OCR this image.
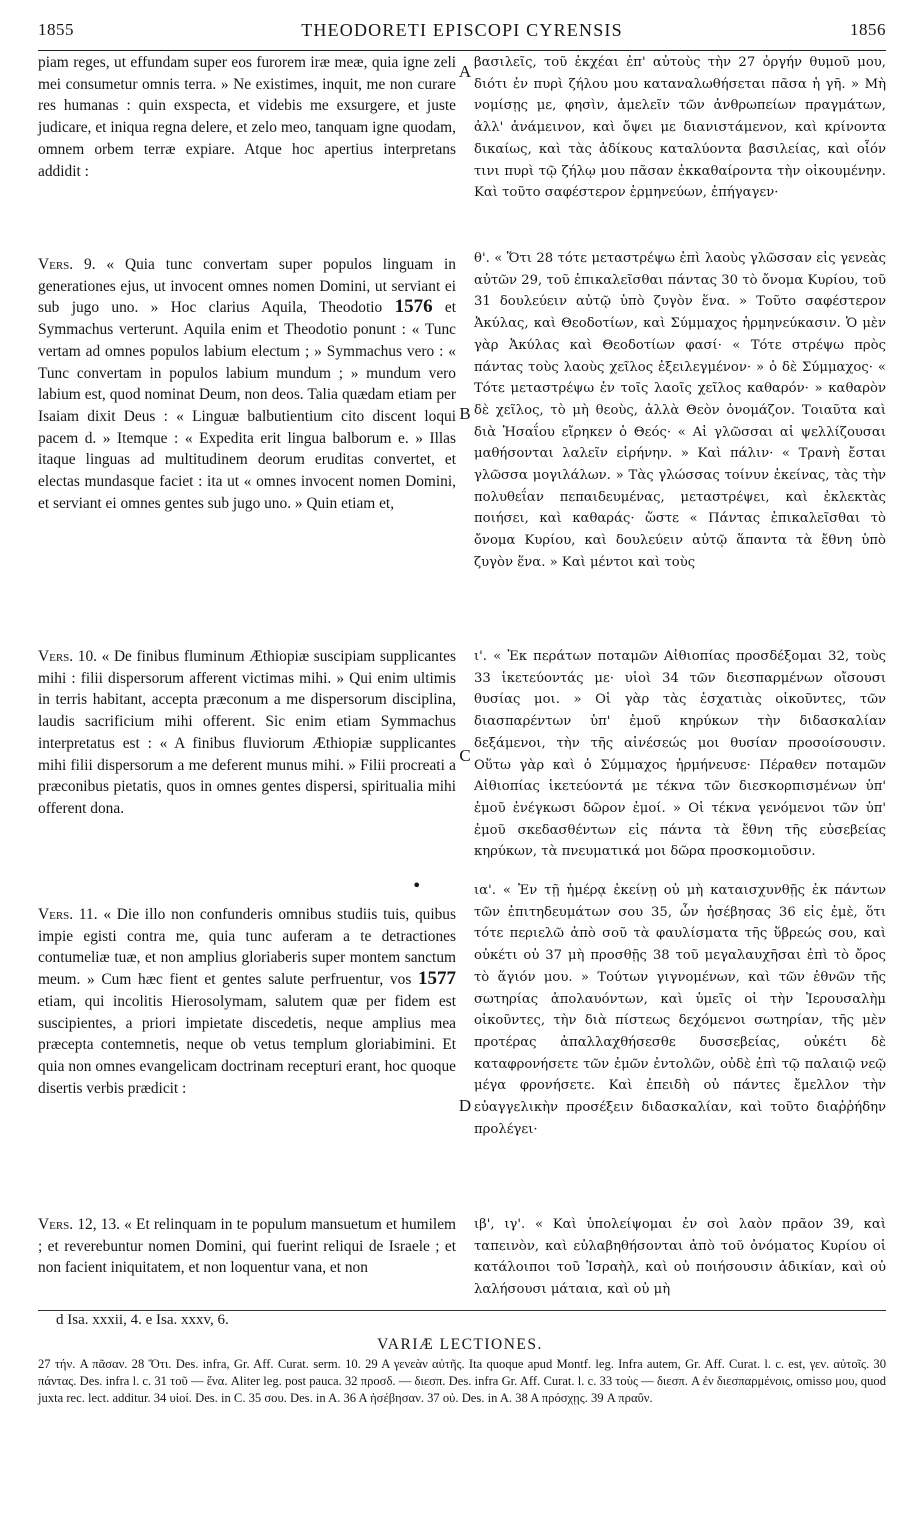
1855	THEODORETI EPISCOPI CYRENSIS	1856

piam reges, ut effundam super eos furorem iræ meæ, quia igne zeli mei consumetur omnis terra. » Ne existimes, inquit, me non curare res humanas : quin exspecta, et videbis me exsurgere, et juste judicare, et iniqua regna delere, et zelo meo, tanquam igne quodam, omnem orbem terræ expiare. Atque hoc apertius interpretans addidit :

Vers. 9. « Quia tunc convertam super populos linguam in generationes ejus, ut invocent omnes nomen Domini, ut serviant ei sub jugo uno. » Hoc clarius Aquila, Theodotio 1576 et Symmachus verterunt. Aquila enim et Theodotio ponunt : « Tunc vertam ad omnes populos labium electum ; » Symmachus vero : « Tunc convertam in populos labium mundum ; » mundum vero labium est, quod nominat Deum, non deos. Talia quædam etiam per Isaiam dixit Deus : « Linguæ balbutientium cito discent loqui pacem d. » Itemque : « Expedita erit lingua balborum e. » Illas itaque linguas ad multitudinem deorum eruditas convertet, et electas mundasque faciet : ita ut « omnes invocent nomen Domini, et serviant ei omnes gentes sub jugo uno. » Quin etiam et,

Vers. 10. « De finibus fluminum Æthiopiæ suscipiam supplicantes mihi : filii dispersorum afferent victimas mihi. » Qui enim ultimis in terris habitant, accepta præconum a me dispersorum disciplina, laudis sacrificium mihi offerent. Sic enim etiam Symmachus interpretatus est : « A finibus fluviorum Æthiopiæ supplicantes mihi filii dispersorum a me deferent munus mihi. » Filii procreati a præconibus pietatis, quos in omnes gentes dispersi, spiritualia mihi offerent dona.

Vers. 11. « Die illo non confunderis omnibus studiis tuis, quibus impie egisti contra me, quia tunc auferam a te detractiones contumeliæ tuæ, et non amplius gloriaberis super montem sanctum meum. » Cum hæc fient et gentes salute perfruentur, vos 1577 etiam, qui incolitis Hierosolymam, salutem quæ per fidem est suscipientes, a priori impietate discedetis, neque amplius mea præcepta contemnetis, neque ob vetus templum gloriabimini. Et quia non omnes evangelicam doctrinam recepturi erant, hoc quoque disertis verbis prædicit :

Vers. 12, 13. « Et relinquam in te populum mansuetum et humilem ; et reverebuntur nomen Domini, qui fuerint reliqui de Israele ; et non facient iniquitatem, et non loquentur vana, et non

A
B
C
D
•

βασιλεῖς, τοῦ ἐκχέαι ἐπ' αὐτοὺς τὴν 27 ὀργήν θυμοῦ μου, διότι ἐν πυρὶ ζήλου μου καταναλωθήσεται πᾶσα ἡ γῆ. » Μὴ νομίσῃς με, φησὶν, ἀμελεῖν τῶν ἀνθρωπείων πραγμάτων, ἀλλ' ἀνάμεινον, καὶ ὄψει με διανιστάμενον, καὶ κρίνοντα δικαίως, καὶ τὰς ἀδίκους καταλύοντα βασιλείας, καὶ οἷόν τινι πυρὶ τῷ ζήλῳ μου πᾶσαν ἐκκαθαίροντα τὴν οἰκουμένην. Καὶ τοῦτο σαφέστερον ἑρμηνεύων, ἐπήγαγεν·

θ'. « Ὅτι 28 τότε μεταστρέψω ἐπὶ λαοὺς γλῶσσαν εἰς γενεὰς αὐτῶν 29, τοῦ ἐπικαλεῖσθαι πάντας 30 τὸ ὄνομα Κυρίου, τοῦ 31 δουλεύειν αὐτῷ ὑπὸ ζυγὸν ἕνα. » Τοῦτο σαφέστερον Ἀκύλας, καὶ Θεοδοτίων, καὶ Σύμμαχος ἡρμηνεύκασιν. Ὁ μὲν γὰρ Ἀκύλας καὶ Θεοδοτίων φασί· « Τότε στρέψω πρὸς πάντας τοὺς λαοὺς χεῖλος ἐξειλεγμένον· » ὁ δὲ Σύμμαχος· « Τότε μεταστρέψω ἐν τοῖς λαοῖς χεῖλος καθαρόν· » καθαρὸν δὲ χεῖλος, τὸ μὴ θεοὺς, ἀλλὰ Θεὸν ὀνομάζον. Τοιαῦτα καὶ διὰ Ἡσαΐου εἴρηκεν ὁ Θεός· « Αἱ γλῶσσαι αἱ ψελλίζουσαι μαθήσονται λαλεῖν εἰρήνην. » Καὶ πάλιν· « Τρανὴ ἔσται γλῶσσα μογιλάλων. » Τὰς γλώσσας τοίνυν ἐκείνας, τὰς τὴν πολυθεΐαν πεπαιδευμένας, μεταστρέψει, καὶ ἐκλεκτὰς ποιήσει, καὶ καθαράς· ὥστε « Πάντας ἐπικαλεῖσθαι τὸ ὄνομα Κυρίου, καὶ δουλεύειν αὐτῷ ἅπαντα τὰ ἔθνη ὑπὸ ζυγὸν ἕνα. » Καὶ μέντοι καὶ τοὺς

ι'. « Ἐκ περάτων ποταμῶν Αἰθιοπίας προσδέξομαι 32, τοὺς 33 ἱκετεύοντάς με· υἱοὶ 34 τῶν διεσπαρμένων οἴσουσι θυσίας μοι. » Οἱ γὰρ τὰς ἐσχατιὰς οἰκοῦντες, τῶν διασπαρέντων ὑπ' ἐμοῦ κηρύκων τὴν διδασκαλίαν δεξάμενοι, τὴν τῆς αἰνέσεώς μοι θυσίαν προσοίσουσιν. Οὕτω γὰρ καὶ ὁ Σύμμαχος ἡρμήνευσε· Πέραθεν ποταμῶν Αἰθιοπίας ἱκετεύοντά με τέκνα τῶν διεσκορπισμένων ὑπ' ἐμοῦ ἐνέγκωσι δῶρον ἐμοί. » Οἱ τέκνα γενόμενοι τῶν ὑπ' ἐμοῦ σκεδασθέντων εἰς πάντα τὰ ἔθνη τῆς εὐσεβείας κηρύκων, τὰ πνευματικά μοι δῶρα προσκομιοῦσιν.

ια'. « Ἐν τῇ ἡμέρᾳ ἐκείνῃ οὐ μὴ καταισχυνθῇς ἐκ πάντων τῶν ἐπιτηδευμάτων σου 35, ὧν ἠσέβησας 36 εἰς ἐμὲ, ὅτι τότε περιελῶ ἀπὸ σοῦ τὰ φαυλίσματα τῆς ὕβρεώς σου, καὶ οὐκέτι οὐ 37 μὴ προσθῇς 38 τοῦ μεγαλαυχῆσαι ἐπὶ τὸ ὄρος τὸ ἅγιόν μου. » Τούτων γιγνομένων, καὶ τῶν ἐθνῶν τῆς σωτηρίας ἀπολαυόντων, καὶ ὑμεῖς οἱ τὴν Ἱερουσαλὴμ οἰκοῦντες, τὴν διὰ πίστεως δεχόμενοι σωτηρίαν, τῆς μὲν προτέρας ἀπαλλαχθήσεσθε δυσσεβείας, οὐκέτι δὲ καταφρονήσετε τῶν ἐμῶν ἐντολῶν, οὐδὲ ἐπὶ τῷ παλαιῷ νεῷ μέγα φρονήσετε. Καὶ ἐπειδὴ οὐ πάντες ἔμελλον τὴν εὐαγγελικὴν προσέξειν διδασκαλίαν, καὶ τοῦτο διαῤῥήδην προλέγει·

ιβ', ιγ'. « Καὶ ὑπολείψομαι ἐν σοὶ λαὸν πρᾶον 39, καὶ ταπεινὸν, καὶ εὐλαβηθήσονται ἀπὸ τοῦ ὀνόματος Κυρίου οἱ κατάλοιποι τοῦ Ἰσραὴλ, καὶ οὐ ποιήσουσιν ἀδικίαν, καὶ οὐ λαλήσουσι μάταια, καὶ οὐ μὴ

d Isa. xxxii, 4. e Isa. xxxv, 6.
VARIÆ LECTIONES.

27 τήν. A πᾶσαν. 28 Ὅτι. Des. infra, Gr. Aff. Curat. serm. 10. 29 A γενεὰν αὐτῆς. Ita quoque apud Montf. leg. Infra autem, Gr. Aff. Curat. l. c. est, γεν. αὐτοῖς. 30 πάντας. Des. infra l. c. 31 τοῦ — ἕνα. Aliter leg. post pauca. 32 προσδ. — διεσπ. Des. infra Gr. Aff. Curat. l. c. 33 τοὺς — διεσπ. A ἐν διεσπαρμένοις, omisso μου, quod juxta rec. lect. additur. 34 υἱοί. Des. in C. 35 σου. Des. in A. 36 A ἠσέβησαν. 37 οὐ. Des. in A. 38 A πρόσχῃς. 39 A πραΰν.
